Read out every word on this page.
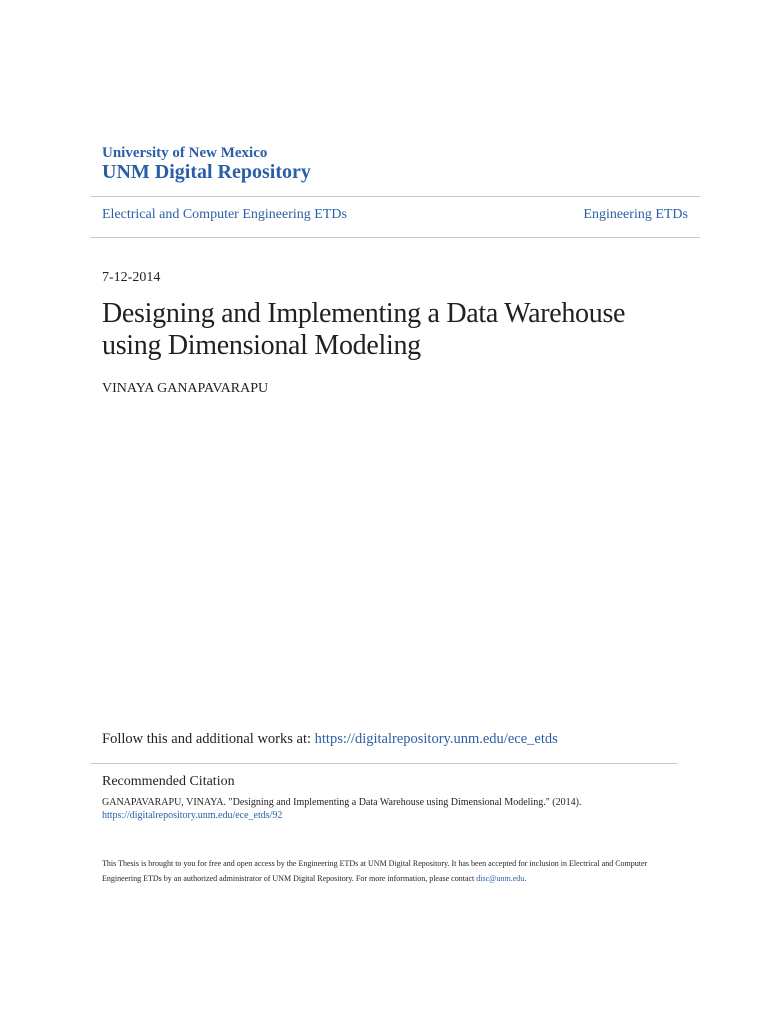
University of New Mexico
UNM Digital Repository
Electrical and Computer Engineering ETDs	Engineering ETDs
7-12-2014
Designing and Implementing a Data Warehouse using Dimensional Modeling
VINAYA GANAPAVARAPU
Follow this and additional works at: https://digitalrepository.unm.edu/ece_etds
Recommended Citation
GANAPAVARAPU, VINAYA. "Designing and Implementing a Data Warehouse using Dimensional Modeling." (2014).
https://digitalrepository.unm.edu/ece_etds/92
This Thesis is brought to you for free and open access by the Engineering ETDs at UNM Digital Repository. It has been accepted for inclusion in Electrical and Computer Engineering ETDs by an authorized administrator of UNM Digital Repository. For more information, please contact disc@unm.edu.
